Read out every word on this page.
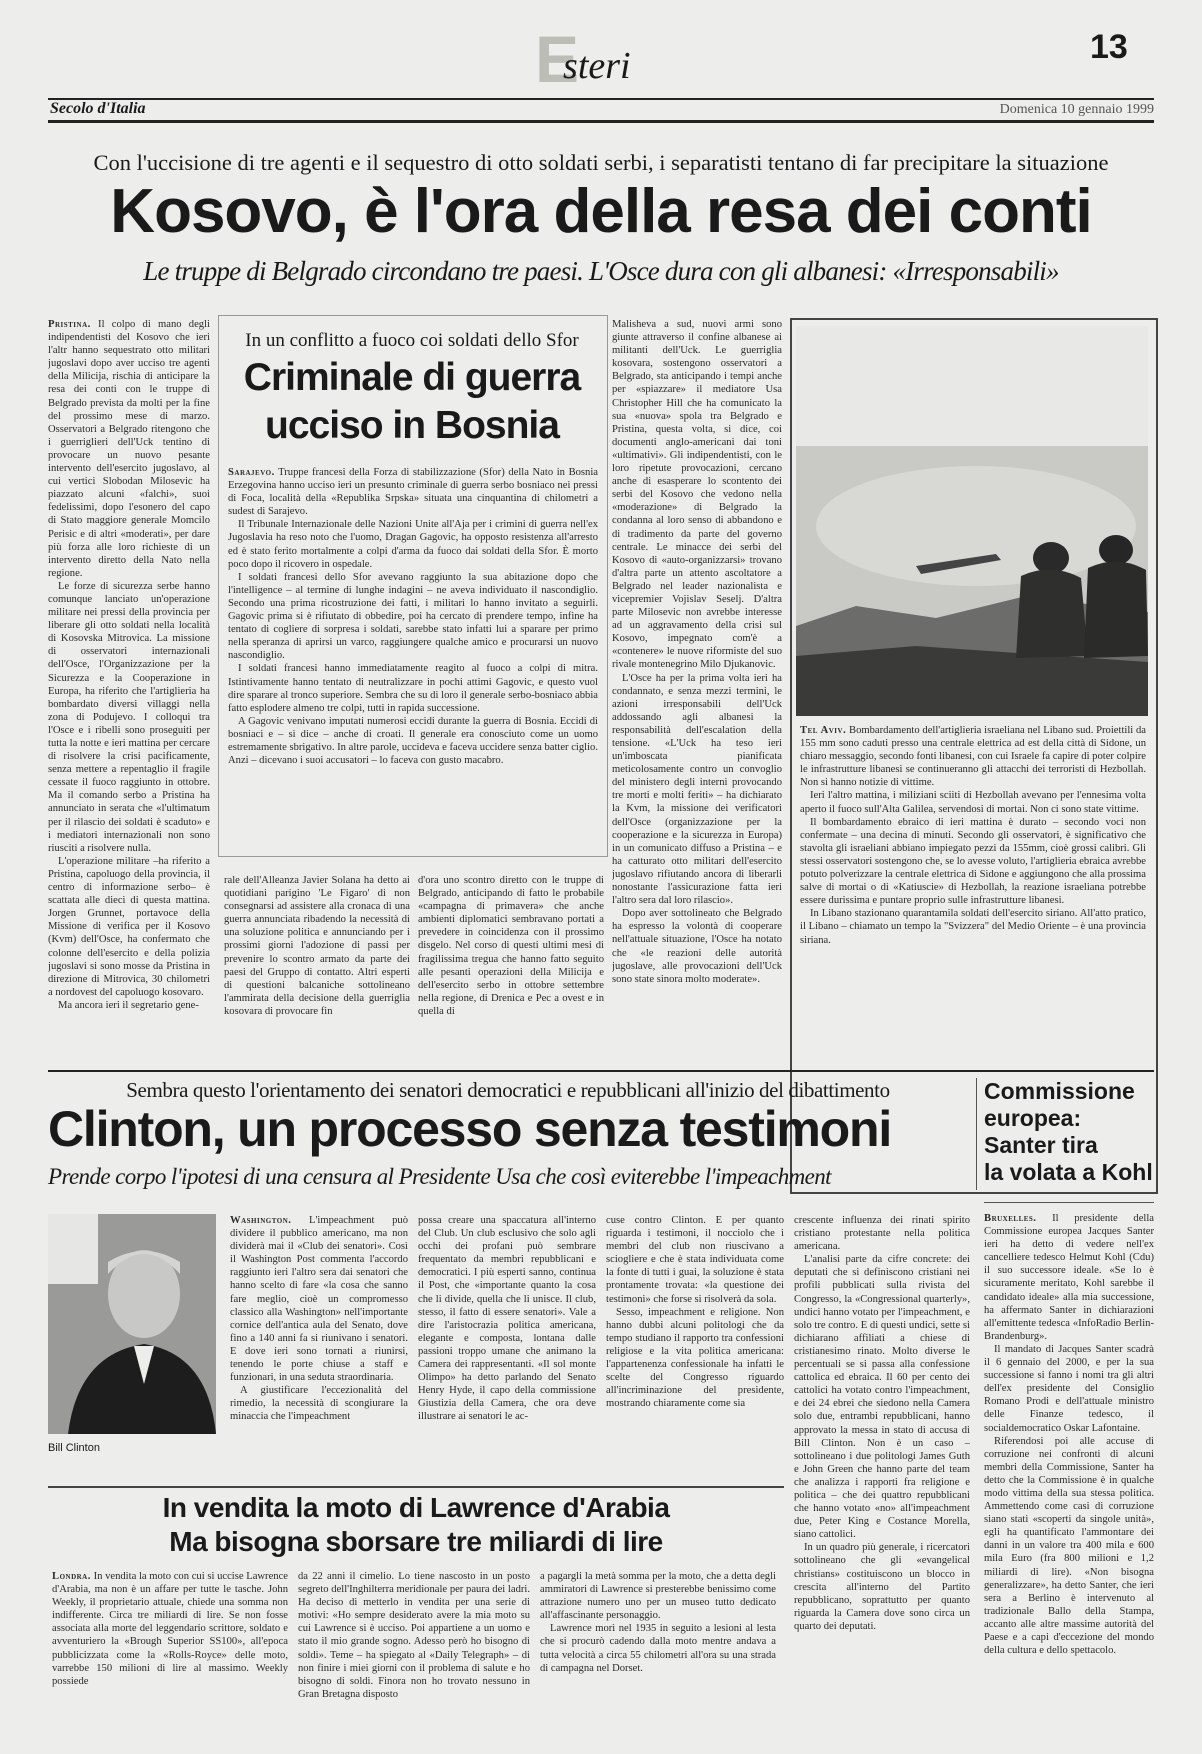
13
Esteri
Secolo d'Italia	Domenica 10 gennaio 1999
Con l'uccisione di tre agenti e il sequestro di otto soldati serbi, i separatisti tentano di far precipitare la situazione
Kosovo, è l'ora della resa dei conti
Le truppe di Belgrado circondano tre paesi. L'Osce dura con gli albanesi: «Irresponsabili»

Pristina. Il colpo di mano degli indipendentisti del Kosovo che ieri l'altr hanno sequestrato otto militari jugoslavi dopo aver ucciso tre agenti della Milicija, rischia di anticipare la resa dei conti con le truppe di Belgrado prevista da molti per la fine del prossimo mese di marzo. Osservatori a Belgrado ritengono che i guerriglieri dell'Uck tentino di provocare un nuovo pesante intervento dell'esercito jugoslavo, al cui vertici Slobodan Milosevic ha piazzato alcuni «falchi», suoi fedelissimi, dopo l'esonero del capo di Stato maggiore generale Momcilo Perisic e di altri «moderati», per dare più forza alle loro richieste di un intervento diretto della Nato nella regione.

Le forze di sicurezza serbe hanno comunque lanciato un'operazione militare nei pressi della provincia per liberare gli otto soldati nella località di Kosovska Mitrovica. La missione di osservatori internazionali dell'Osce, l'Organizzazione per la Sicurezza e la Cooperazione in Europa, ha riferito che l'artiglieria ha bombardato diversi villaggi nella zona di Podujevo. I colloqui tra l'Osce e i ribelli sono proseguiti per tutta la notte e ieri mattina per cercare di risolvere la crisi pacificamente, senza mettere a repentaglio il fragile cessate il fuoco raggiunto in ottobre. Ma il comando serbo a Pristina ha annunciato in serata che «l'ultimatum per il rilascio dei soldati è scaduto» e i mediatori internazionali non sono riusciti a risolvere nulla.

L'operazione militare –ha riferito a Pristina, capoluogo della provincia, il centro di informazione serbo– è scattata alle dieci di questa mattina. Jorgen Grunnet, portavoce della Missione di verifica per il Kosovo (Kvm) dell'Osce, ha confermato che colonne dell'esercito e della polizia jugoslavi si sono mosse da Pristina in direzione di Mitrovica, 30 chilometri a nordovest del capoluogo kosovaro.

Ma ancora ieri il segretario gene-

In un conflitto a fuoco coi soldati dello Sfor
Criminale di guerra
ucciso in Bosnia

Sarajevo. Truppe francesi della Forza di stabilizzazione (Sfor) della Nato in Bosnia Erzegovina hanno ucciso ieri un presunto criminale di guerra serbo bosniaco nei pressi di Foca, località della «Republika Srpska» situata una cinquantina di chilometri a sudest di Sarajevo.

Il Tribunale Internazionale delle Nazioni Unite all'Aja per i crimini di guerra nell'ex Jugoslavia ha reso noto che l'uomo, Dragan Gagovic, ha opposto resistenza all'arresto ed è stato ferito mortalmente a colpi d'arma da fuoco dai soldati della Sfor. È morto poco dopo il ricovero in ospedale.

I soldati francesi dello Sfor avevano raggiunto la sua abitazione dopo che l'intelligence – al termine di lunghe indagini – ne aveva individuato il nascondiglio. Secondo una prima ricostruzione dei fatti, i militari lo hanno invitato a seguirli. Gagovic prima si è rifiutato di obbedire, poi ha cercato di prendere tempo, infine ha tentato di cogliere di sorpresa i soldati, sarebbe stato infatti lui a sparare per primo nella speranza di aprirsi un varco, raggiungere qualche amico e procurarsi un nuovo nascondiglio.

I soldati francesi hanno immediatamente reagito al fuoco a colpi di mitra. Istintivamente hanno tentato di neutralizzare in pochi attimi Gagovic, e questo vuol dire sparare al tronco superiore. Sembra che su di loro il generale serbo-bosniaco abbia fatto esplodere almeno tre colpi, tutti in rapida successione.

A Gagovic venivano imputati numerosi eccidi durante la guerra di Bosnia. Eccidi di bosniaci e – si dice – anche di croati. Il generale era conosciuto come un uomo estremamente sbrigativo. In altre parole, uccideva e faceva uccidere senza batter ciglio. Anzi – dicevano i suoi accusatori – lo faceva con gusto macabro.

rale dell'Alleanza Javier Solana ha detto ai quotidiani parigino 'Le Figaro' di non consegnarsi ad assistere alla cronaca di una guerra annunciata ribadendo la necessità di una soluzione politica e annunciando per i prossimi giorni l'adozione di passi per prevenire lo scontro armato da parte dei paesi del Gruppo di contatto. Altri esperti di questioni balcaniche sottolineano l'ammirata della decisione della guerriglia kosovara di provocare fin

d'ora uno scontro diretto con le truppe di Belgrado, anticipando di fatto le probabile «campagna di primavera» che anche ambienti diplomatici sembravano portati a prevedere in coincidenza con il prossimo disgelo. Nel corso di questi ultimi mesi di fragilissima tregua che hanno fatto seguito alle pesanti operazioni della Milicija e dell'esercito serbo in ottobre settembre nella regione, di Drenica e Pec a ovest e in quella di

Malisheva a sud, nuovi armi sono giunte attraverso il confine albanese ai militanti dell'Uck. Le guerriglia kosovara, sostengono osservatori a Belgrado, sta anticipando i tempi anche per «spiazzare» il mediatore Usa Christopher Hill che ha comunicato la sua «nuova» spola tra Belgrado e Pristina, questa volta, si dice, coi documenti anglo-americani dai toni «ultimativi». Gli indipendentisti, con le loro ripetute provocazioni, cercano anche di esasperare lo scontento dei serbi del Kosovo che vedono nella «moderazione» di Belgrado la condanna al loro senso di abbandono e di tradimento da parte del governo centrale. Le minacce dei serbi del Kosovo di «auto-organizzarsi» trovano d'altra parte un attento ascoltatore a Belgrado nel leader nazionalista e vicepremier Vojislav Seselj. D'altra parte Milosevic non avrebbe interesse ad un aggravamento della crisi sul Kosovo, impegnato com'è a «contenere» le nuove riformiste del suo rivale montenegrino Milo Djukanovic.

L'Osce ha per la prima volta ieri ha condannato, e senza mezzi termini, le azioni irresponsabili dell'Uck addossando agli albanesi la responsabilità dell'escalation della tensione. «L'Uck ha teso ieri un'imboscata pianificata meticolosamente contro un convoglio del ministero degli interni provocando tre morti e molti feriti» – ha dichiarato la Kvm, la missione dei verificatori dell'Osce (organizzazione per la cooperazione e la sicurezza in Europa) in un comunicato diffuso a Pristina – e ha catturato otto militari dell'esercito jugoslavo rifiutando ancora di liberarli nonostante l'assicurazione fatta ieri l'altro sera dal loro rilascio».

Dopo aver sottolineato che Belgrado ha espresso la volontà di cooperare nell'attuale situazione, l'Osce ha notato che «le reazioni delle autorità jugoslave, alle provocazioni dell'Uck sono state sinora molto moderate».

Tel Aviv. Bombardamento dell'artiglieria israeliana nel Libano sud. Proiettili da 155 mm sono caduti presso una centrale elettrica ad est della città di Sidone, un chiaro messaggio, secondo fonti libanesi, con cui Israele fa capire di poter colpire le infrastrutture libanesi se continueranno gli attacchi dei terroristi di Hezbollah. Non si hanno notizie di vittime.

Ieri l'altro mattina, i miliziani sciiti di Hezbollah avevano per l'ennesima volta aperto il fuoco sull'Alta Galilea, servendosi di mortai. Non ci sono state vittime.

Il bombardamento ebraico di ieri mattina è durato – secondo voci non confermate – una decina di minuti. Secondo gli osservatori, è significativo che stavolta gli israeliani abbiano impiegato pezzi da 155mm, cioè grossi calibri. Gli stessi osservatori sostengono che, se lo avesse voluto, l'artiglieria ebraica avrebbe potuto polverizzare la centrale elettrica di Sidone e aggiungono che alla prossima salve di mortai o di «Katiuscie» di Hezbollah, la reazione israeliana potrebbe essere durissima e puntare proprio sulle infrastrutture libanesi.

In Libano stazionano quarantamila soldati dell'esercito siriano. All'atto pratico, il Libano – chiamato un tempo la "Svizzera" del Medio Oriente – è una provincia siriana.

Sembra questo l'orientamento dei senatori democratici e repubblicani all'inizio del dibattimento
Clinton, un processo senza testimoni
Prende corpo l'ipotesi di una censura al Presidente Usa che così eviterebbe l'impeachment
Bill Clinton

Washington. L'impeachment può dividere il pubblico americano, ma non dividerà mai il «Club dei senatori». Così il Washington Post commenta l'accordo raggiunto ieri l'altro sera dai senatori che hanno scelto di fare «la cosa che sanno fare meglio, cioè un compromesso classico alla Washington» nell'importante cornice dell'antica aula del Senato, dove fino a 140 anni fa si riunivano i senatori. E dove ieri sono tornati a riunirsi, tenendo le porte chiuse a staff e funzionari, in una seduta straordinaria.

A giustificare l'eccezionalità del rimedio, la necessità di scongiurare la minaccia che l'impeachment

possa creare una spaccatura all'interno del Club. Un club esclusivo che solo agli occhi dei profani può sembrare frequentato da membri repubblicani e democratici. I più esperti sanno, continua il Post, che «importante quanto la cosa che li divide, quella che li unisce. Il club, stesso, il fatto di essere senatori». Vale a dire l'aristocrazia politica americana, elegante e composta, lontana dalle passioni troppo umane che animano la Camera dei rappresentanti. «Il sol monte Olimpo» ha detto parlando del Senato Henry Hyde, il capo della commissione Giustizia della Camera, che ora deve illustrare ai senatori le ac-

cuse contro Clinton. E per quanto riguarda i testimoni, il nocciolo che i membri del club non riuscivano a sciogliere e che è stata individuata come la fonte di tutti i guai, la soluzione è stata prontamente trovata: «la questione dei testimoni» che forse si risolverà da sola.

Sesso, impeachment e religione. Non hanno dubbi alcuni politologi che da tempo studiano il rapporto tra confessioni religiose e la vita politica americana: l'appartenenza confessionale ha infatti le scelte del Congresso riguardo all'incriminazione del presidente, mostrando chiaramente come sia

crescente influenza dei rinati spirito cristiano protestante nella politica americana.

L'analisi parte da cifre concrete: dei deputati che si definiscono cristiani nei profili pubblicati sulla rivista del Congresso, la «Congressional quarterly», undici hanno votato per l'impeachment, e solo tre contro. E di questi undici, sette si dichiarano affiliati a chiese di cristianesimo rinato. Molto diverse le percentuali se si passa alla confessione cattolica ed ebraica. Il 60 per cento dei cattolici ha votato contro l'impeachment, e dei 24 ebrei che siedono nella Camera solo due, entrambi repubblicani, hanno approvato la messa in stato di accusa di Bill Clinton. Non è un caso – sottolineano i due politologi James Guth e John Green che hanno parte del team che analizza i rapporti fra religione e politica – che dei quattro repubblicani che hanno votato «no» all'impeachment due, Peter King e Costance Morella, siano cattolici.

In un quadro più generale, i ricercatori sottolineano che gli «evangelical christians» costituiscono un blocco in crescita all'interno del Partito repubblicano, soprattutto per quanto riguarda la Camera dove sono circa un quarto dei deputati.

In vendita la moto di Lawrence d'Arabia
Ma bisogna sborsare tre miliardi di lire

Londra. In vendita la moto con cui si uccise Lawrence d'Arabia, ma non è un affare per tutte le tasche. John Weekly, il proprietario attuale, chiede una somma non indifferente. Circa tre miliardi di lire. Se non fosse associata alla morte del leggendario scrittore, soldato e avventuriero la «Brough Superior SS100», all'epoca pubblicizzata come la «Rolls-Royce» delle moto, varrebbe 150 milioni di lire al massimo. Weekly possiede

da 22 anni il cimelio. Lo tiene nascosto in un posto segreto dell'Inghilterra meridionale per paura dei ladri. Ha deciso di metterlo in vendita per una serie di motivi: «Ho sempre desiderato avere la mia moto su cui Lawrence si è ucciso. Poi appartiene a un uomo e stato il mio grande sogno. Adesso però ho bisogno di soldi». Teme – ha spiegato al «Daily Telegraph» – di non finire i miei giorni con il problema di salute e ho bisogno di soldi. Finora non ho trovato nessuno in Gran Bretagna disposto

a pagargli la metà somma per la moto, che a detta degli ammiratori di Lawrence si presterebbe benissimo come attrazione numero uno per un museo tutto dedicato all'affascinante personaggio.

Lawrence morì nel 1935 in seguito a lesioni al lesta che si procurò cadendo dalla moto mentre andava a tutta velocità a circa 55 chilometri all'ora su una strada di campagna nel Dorset.

Commissione
europea:
Santer tira
la volata a Kohl

Bruxelles. Il presidente della Commissione europea Jacques Santer ieri ha detto di vedere nell'ex cancelliere tedesco Helmut Kohl (Cdu) il suo successore ideale. «Se lo è sicuramente meritato, Kohl sarebbe il candidato ideale» alla mia successione, ha affermato Santer in dichiarazioni all'emittente tedesca «InfoRadio Berlin-Brandenburg».

Il mandato di Jacques Santer scadrà il 6 gennaio del 2000, e per la sua successione si fanno i nomi tra gli altri dell'ex presidente del Consiglio Romano Prodi e dell'attuale ministro delle Finanze tedesco, il socialdemocratico Oskar Lafontaine.

Riferendosi poi alle accuse di corruzione nei confronti di alcuni membri della Commissione, Santer ha detto che la Commissione è in qualche modo vittima della sua stessa politica. Ammettendo come casi di corruzione siano stati «scoperti da singole unità», egli ha quantificato l'ammontare dei danni in un valore tra 400 mila e 600 mila Euro (fra 800 milioni e 1,2 miliardi di lire). «Non bisogna generalizzare», ha detto Santer, che ieri sera a Berlino è intervenuto al tradizionale Ballo della Stampa, accanto alle altre massime autorità del Paese e a capi d'eccezione del mondo della cultura e dello spettacolo.
